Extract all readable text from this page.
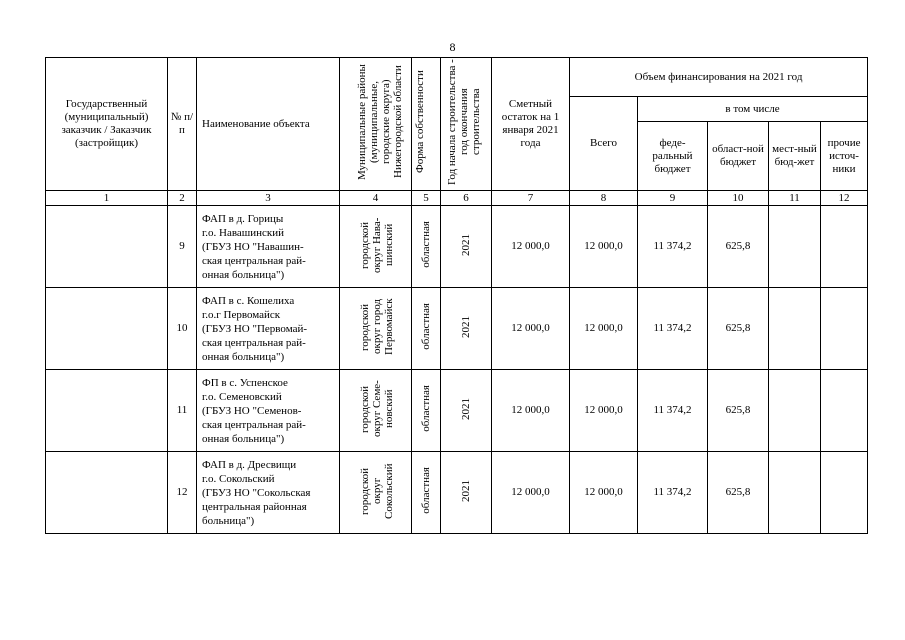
8
Государственный (муниципальный) заказчик / Заказчик (застройщик)	№ п/п	Наименование объекта	Муниципальные районы (муниципальные, городские округа) Нижегородской области	Форма собственности	Год начала строительства - год окончания строительства	Сметный остаток на 1 января 2021 года	Объем финансирования на 2021 год				
							Всего	в том числе			
								феде-ральный бюджет	област-ной бюджет	мест-ный бюд-жет	прочие источ-ники
1	2	3	4	5	6	7	8	9	10	11	12
	9	ФАП в д. Горицы
г.о. Навашинский
(ГБУЗ НО "Навашин-
ская центральная рай-
онная больница")	городской округ Нава-шинский	областная	2021	12 000,0	12 000,0	11 374,2	625,8		
	10	ФАП в с. Кошелиха
г.о.г Первомайск
(ГБУЗ НО "Первомай-
ская центральная рай-
онная больница")	городской округ город Первомайск	областная	2021	12 000,0	12 000,0	11 374,2	625,8		
	11	ФП в с. Успенское
г.о. Семеновский
(ГБУЗ НО "Семенов-
ская центральная рай-
онная больница")	городской округ Семе-новский	областная	2021	12 000,0	12 000,0	11 374,2	625,8		
	12	ФАП в д. Дресвищи
г.о. Сокольский
(ГБУЗ НО "Сокольская
центральная районная
больница")	городской округ Сокольский	областная	2021	12 000,0	12 000,0	11 374,2	625,8		
